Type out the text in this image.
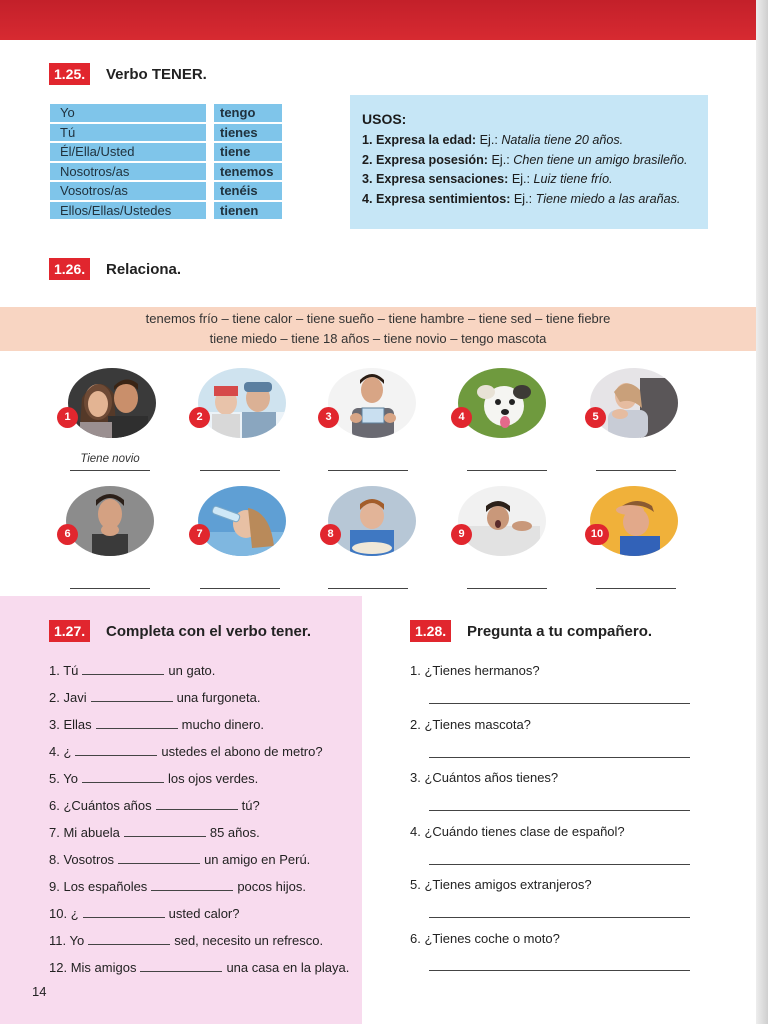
1.25.	Verbo TENER.
Yo	tengo
Tú	tienes
Él/Ella/Usted	tiene
Nosotros/as	tenemos
Vosotros/as	tenéis
Ellos/Ellas/Ustedes	tienen
USOS:
1. Expresa la edad: Ej.: Natalia tiene 20 años.
2. Expresa posesión: Ej.: Chen tiene un amigo brasileño.
3. Expresa sensaciones: Ej.: Luiz tiene frío.
4. Expresa sentimientos: Ej.: Tiene miedo a las arañas.
1.26.	Relaciona.
tenemos frío – tiene calor – tiene sueño – tiene hambre – tiene sed – tiene fiebre
tiene miedo – tiene 18 años – tiene novio – tengo mascota
1	2	3	4	5
Tiene novio
6	7	8	9	10
1.27.	Completa con el verbo tener.
1. Tú	un gato.
2. Javi	una furgoneta.
3. Ellas	mucho dinero.
4. ¿	ustedes el abono de metro?
5. Yo	los ojos verdes.
6. ¿Cuántos años	tú?
7. Mi abuela	85 años.
8. Vosotros	un amigo en Perú.
9. Los españoles	pocos hijos.
10. ¿	usted calor?
11. Yo	sed, necesito un refresco.
12. Mis amigos	una casa en la playa.
1.28.	Pregunta a tu compañero.
1. ¿Tienes hermanos?
2. ¿Tienes mascota?
3. ¿Cuántos años tienes?
4. ¿Cuándo tienes clase de español?
5. ¿Tienes amigos extranjeros?
6. ¿Tienes coche o moto?
14
